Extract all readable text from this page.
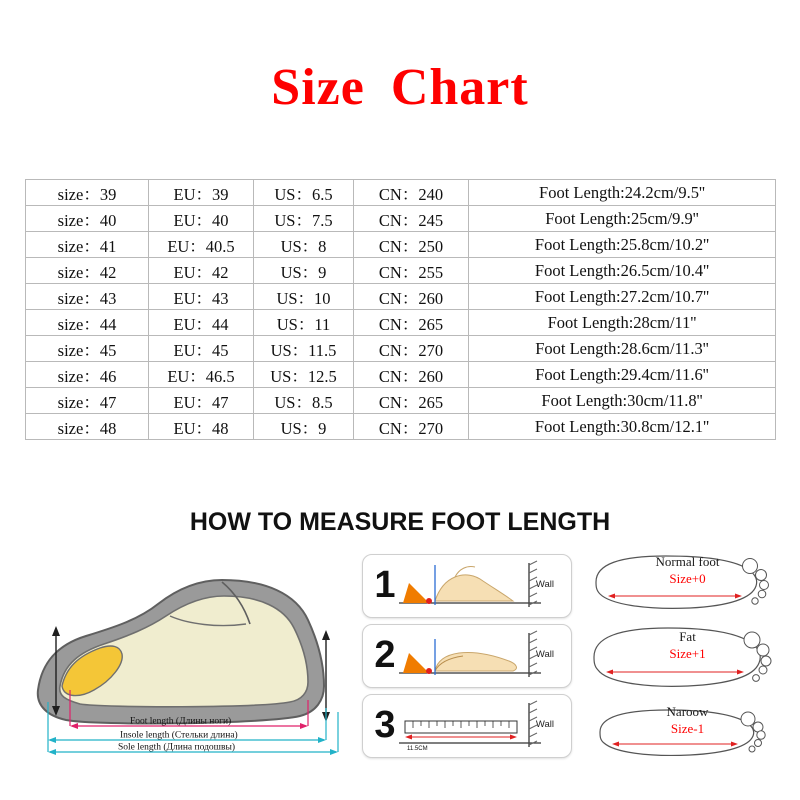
Size Chart
size：39	EU：39	US：6.5	CN：240	Foot Length:24.2cm/9.5''
size：40	EU：40	US：7.5	CN：245	Foot Length:25cm/9.9''
size：41	EU：40.5	US：8	CN：250	Foot Length:25.8cm/10.2''
size：42	EU：42	US：9	CN：255	Foot Length:26.5cm/10.4''
size：43	EU：43	US：10	CN：260	Foot Length:27.2cm/10.7''
size：44	EU：44	US：11	CN：265	Foot Length:28cm/11''
size：45	EU：45	US：11.5	CN：270	Foot Length:28.6cm/11.3''
size：46	EU：46.5	US：12.5	CN：260	Foot Length:29.4cm/11.6''
size：47	EU：47	US：8.5	CN：265	Foot Length:30cm/11.8''
size：48	EU：48	US：9	CN：270	Foot Length:30.8cm/12.1''
HOW TO MEASURE FOOT LENGTH
Foot length (Длины ноги)
Insole length (Стельки длина)
Sole length (Длина подошвы)
1	Wall
2	Wall
3
11.5CM
Wall
Normal foot
Size+0
Fat
Size+1
Naroow
Size-1
